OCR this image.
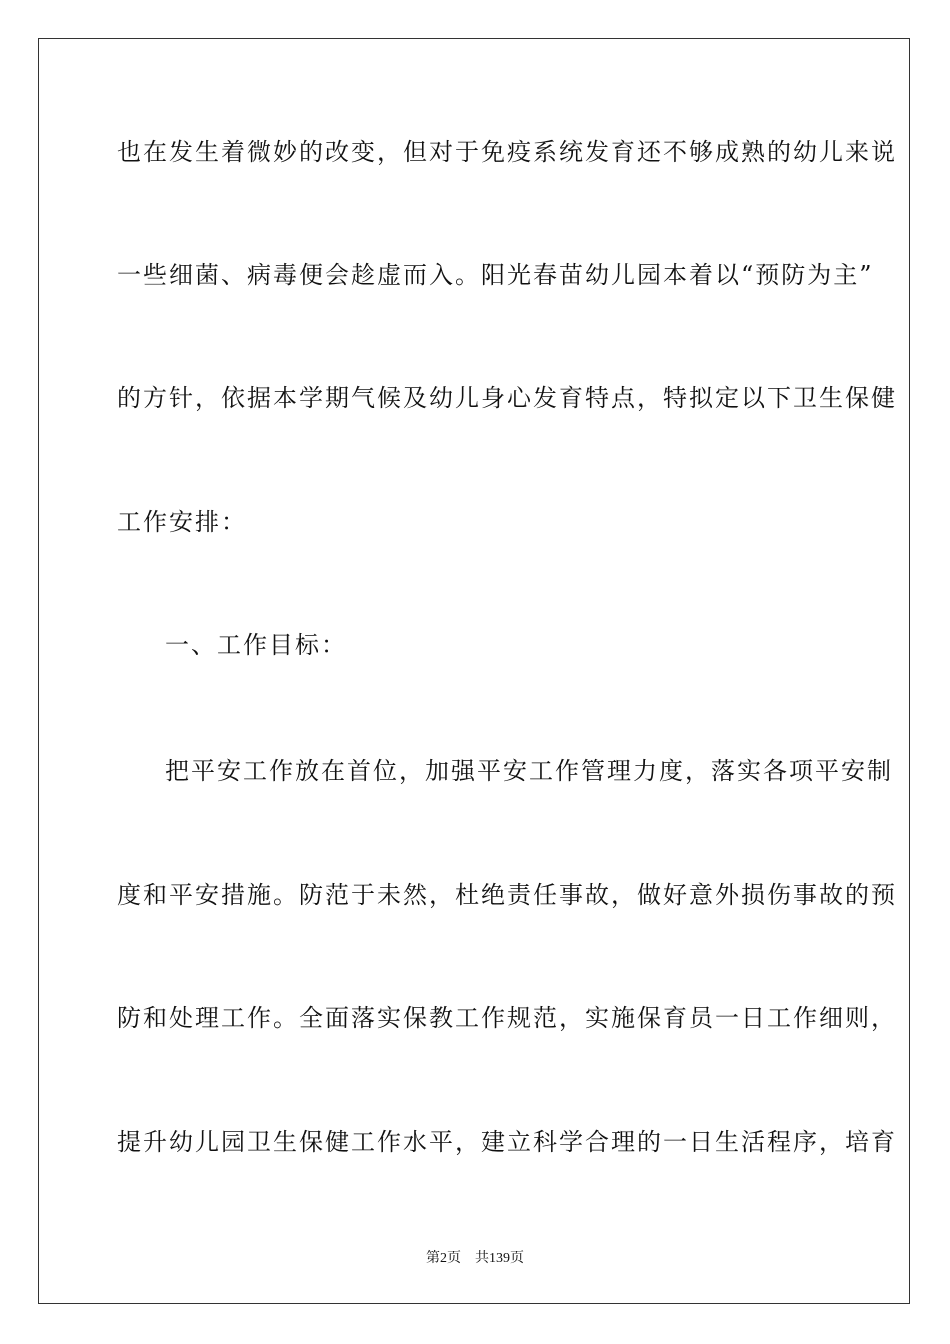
也在发生着微妙的改变，但对于免疫系统发育还不够成熟的幼儿来说
一些细菌、病毒便会趁虚而入。阳光春苗幼儿园本着以“预防为主”
的方针，依据本学期气候及幼儿身心发育特点，特拟定以下卫生保健
工作安排：
一、工作目标：
把平安工作放在首位，加强平安工作管理力度，落实各项平安制
度和平安措施。防范于未然，杜绝责任事故，做好意外损伤事故的预
防和处理工作。全面落实保教工作规范，实施保育员一日工作细则，
提升幼儿园卫生保健工作水平，建立科学合理的一日生活程序，培育
第2页 共139页
